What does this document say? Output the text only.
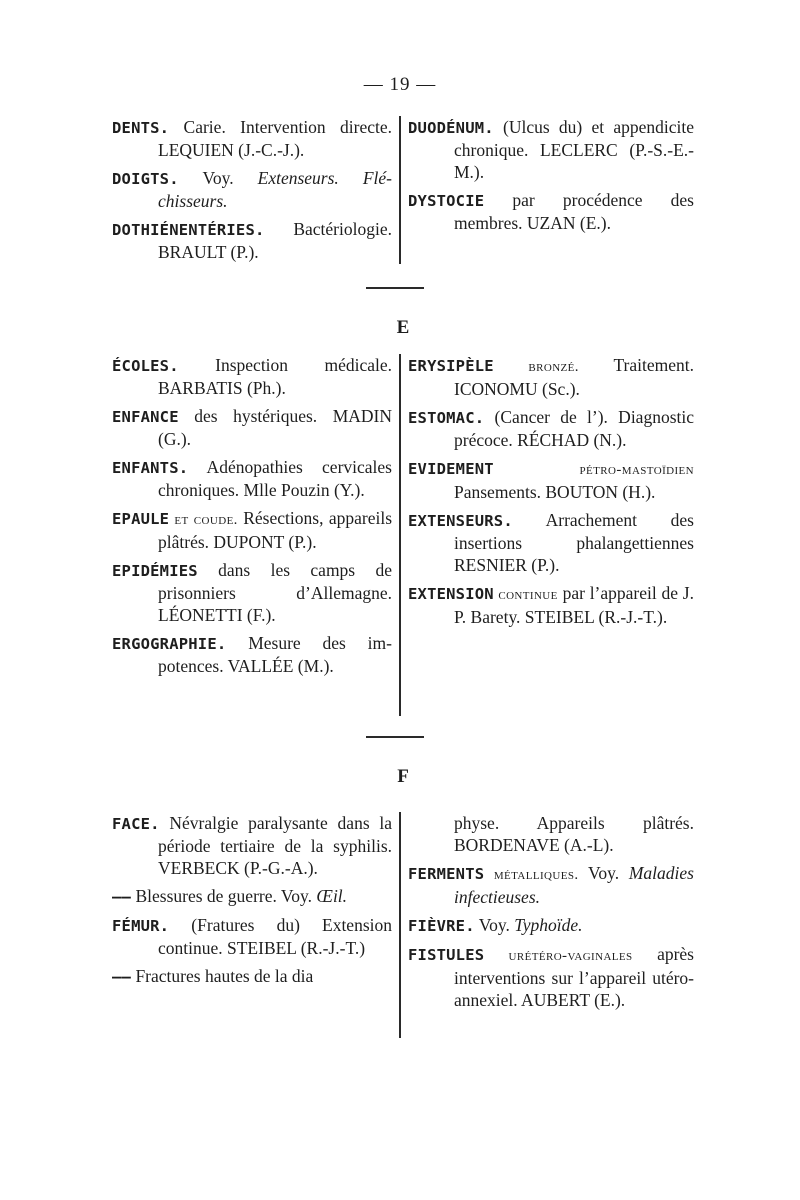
— 19 —

DENTS. Carie. Intervention directe. LEQUIEN (J.-C.-J.).

DOIGTS. Voy. Extenseurs. Fléchisseurs.

DOTHIÉNENTÉRIES. Bactériologie. BRAULT (P.).

DUODÉNUM. (Ulcus du) et appendicite chronique. LECLERC (P.-S.-E.-M.).

DYSTOCIE par procédence des membres. UZAN (E.).

E

ÉCOLES. Inspection médicale. BARBATIS (Ph.).

ENFANCE des hystériques. MADIN (G.).

ENFANTS. Adénopathies cervicales chroniques. Mlle Pouzin (Y.).

EPAULE et coude. Résections, appareils plâtrés. DUPONT (P.).

EPIDÉMIES dans les camps de prisonniers d’Allemagne. LÉONETTI (F.).

ERGOGRAPHIE. Mesure des impotences. VALLÉE (M.).

ERYSIPÈLE bronzé. Traitement. ICONOMU (Sc.).

ESTOMAC. (Cancer de l’). Diagnostic précoce. RÉCHAD (N.).

EVIDEMENT pétro-mastoïdien Pansements. BOUTON (H.).

EXTENSEURS. Arrachement des insertions phalangettiennes RESNIER (P.).

EXTENSION continue par l’appareil de J. P. Barety. STEIBEL (R.-J.-T.).

F

FACE. Névralgie paralysante dans la période tertiaire de la syphilis. VERBECK (P.-G.-A.).

—— Blessures de guerre. Voy. Œil.

FÉMUR. (Fratures du) Extension continue. STEIBEL (R.-J.-T.)

—— Fractures hautes de la dia

physe. Appareils plâtrés. BORDENAVE (A.-L).

FERMENTS métalliques. Voy. Maladies infectieuses.

FIÈVRE. Voy. Typhoïde.

FISTULES urétéro-vaginales après interventions sur l’appareil utéro-annexiel. AUBERT (E.).
